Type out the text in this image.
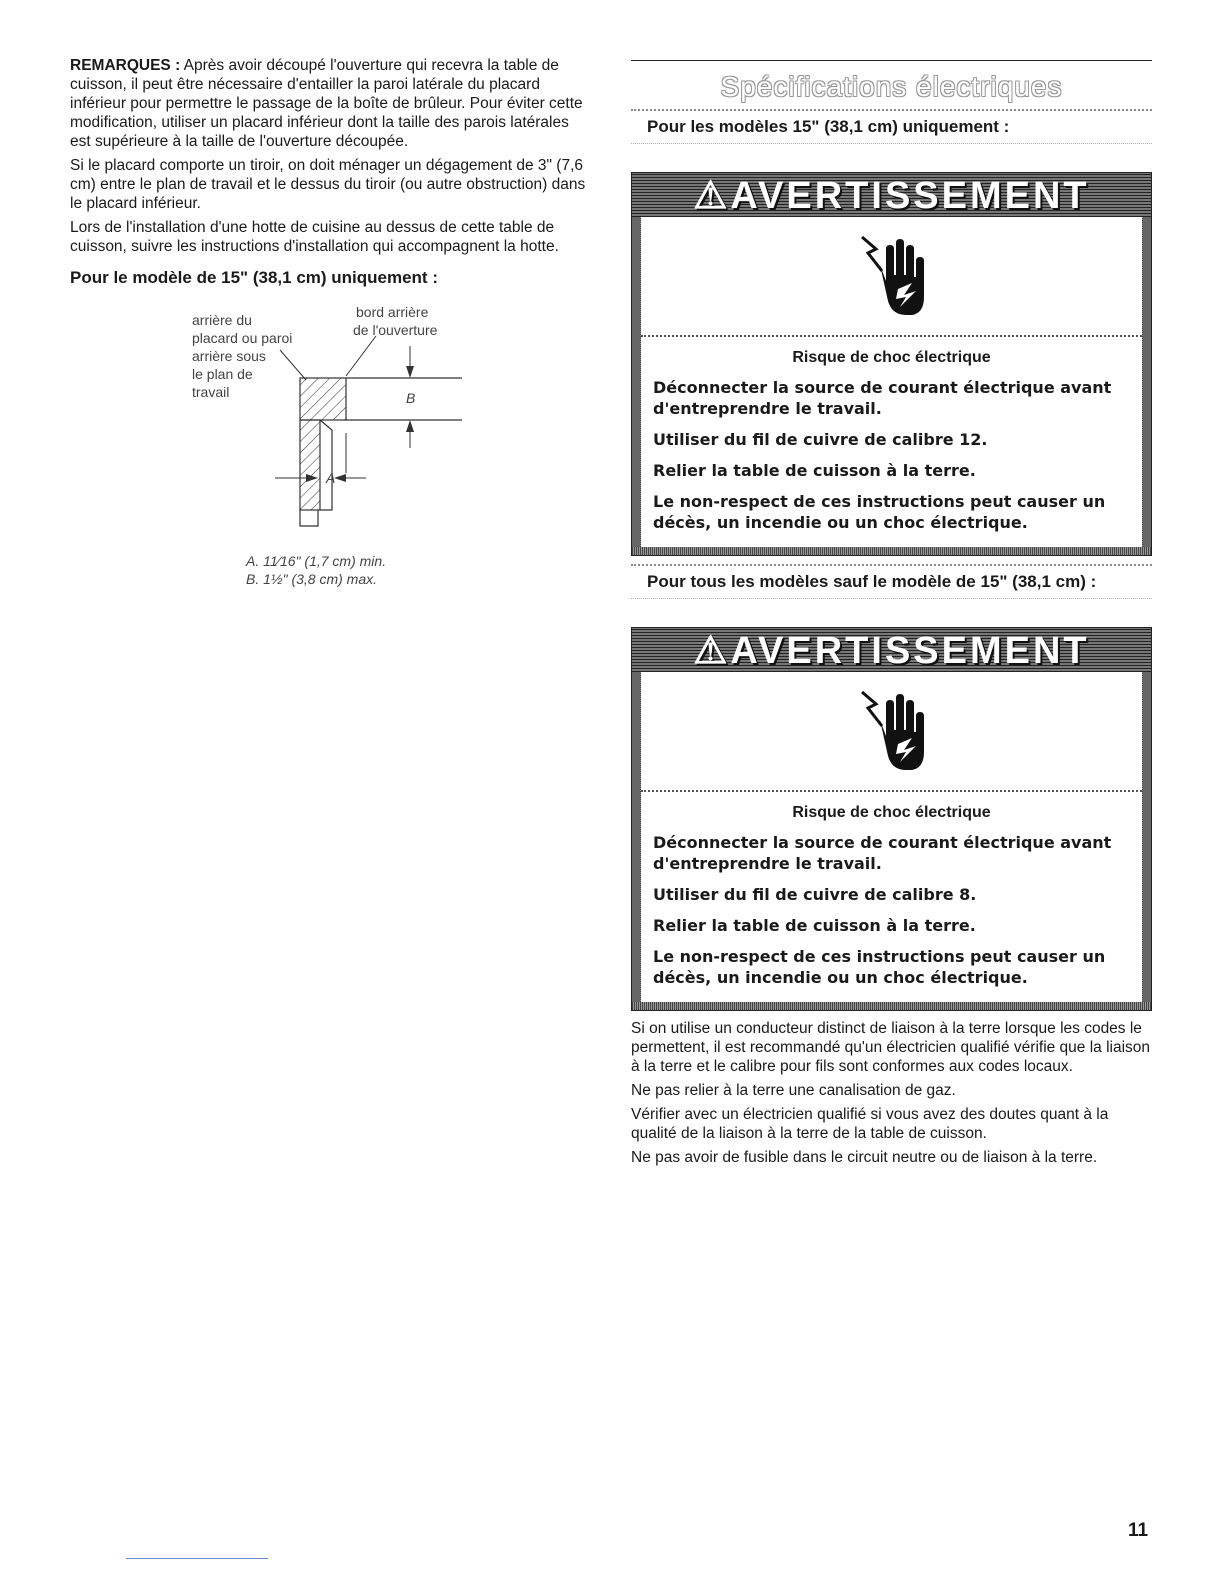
REMARQUES : Après avoir découpé l'ouverture qui recevra la table de cuisson, il peut être nécessaire d'entailler la paroi latérale du placard inférieur pour permettre le passage de la boîte de brûleur. Pour éviter cette modification, utiliser un placard inférieur dont la taille des parois latérales est supérieure à la taille de l'ouverture découpée.

Si le placard comporte un tiroir, on doit ménager un dégagement de 3" (7,6 cm) entre le plan de travail et le dessus du tiroir (ou autre obstruction) dans le placard inférieur.

Lors de l'installation d'une hotte de cuisine au dessus de cette table de cuisson, suivre les instructions d'installation qui accompagnent la hotte.

Pour le modèle de 15" (38,1 cm) uniquement :
arrière du
placard ou paroi
arrière sous
le plan de
travail
bord arrière
de l'ouverture
B
A
A. 11⁄16" (1,7 cm) min.
B. 1½" (3,8 cm) max.
Spécifications électriques
Pour les modèles 15" (38,1 cm) uniquement :
⚠AVERTISSEMENT
Risque de choc électrique
Déconnecter la source de courant électrique avant d'entreprendre le travail.
Utiliser du fil de cuivre de calibre 12.
Relier la table de cuisson à la terre.
Le non-respect de ces instructions peut causer un décès, un incendie ou un choc électrique.
Pour tous les modèles sauf le modèle de 15" (38,1 cm) :
⚠AVERTISSEMENT
Risque de choc électrique
Déconnecter la source de courant électrique avant d'entreprendre le travail.
Utiliser du fil de cuivre de calibre 8.
Relier la table de cuisson à la terre.
Le non-respect de ces instructions peut causer un décès, un incendie ou un choc électrique.

Si on utilise un conducteur distinct de liaison à la terre lorsque les codes le permettent, il est recommandé qu'un électricien qualifié vérifie que la liaison à la terre et le calibre pour fils sont conformes aux codes locaux.

Ne pas relier à la terre une canalisation de gaz.

Vérifier avec un électricien qualifié si vous avez des doutes quant à la qualité de la liaison à la terre de la table de cuisson.

Ne pas avoir de fusible dans le circuit neutre ou de liaison à la terre.

11
